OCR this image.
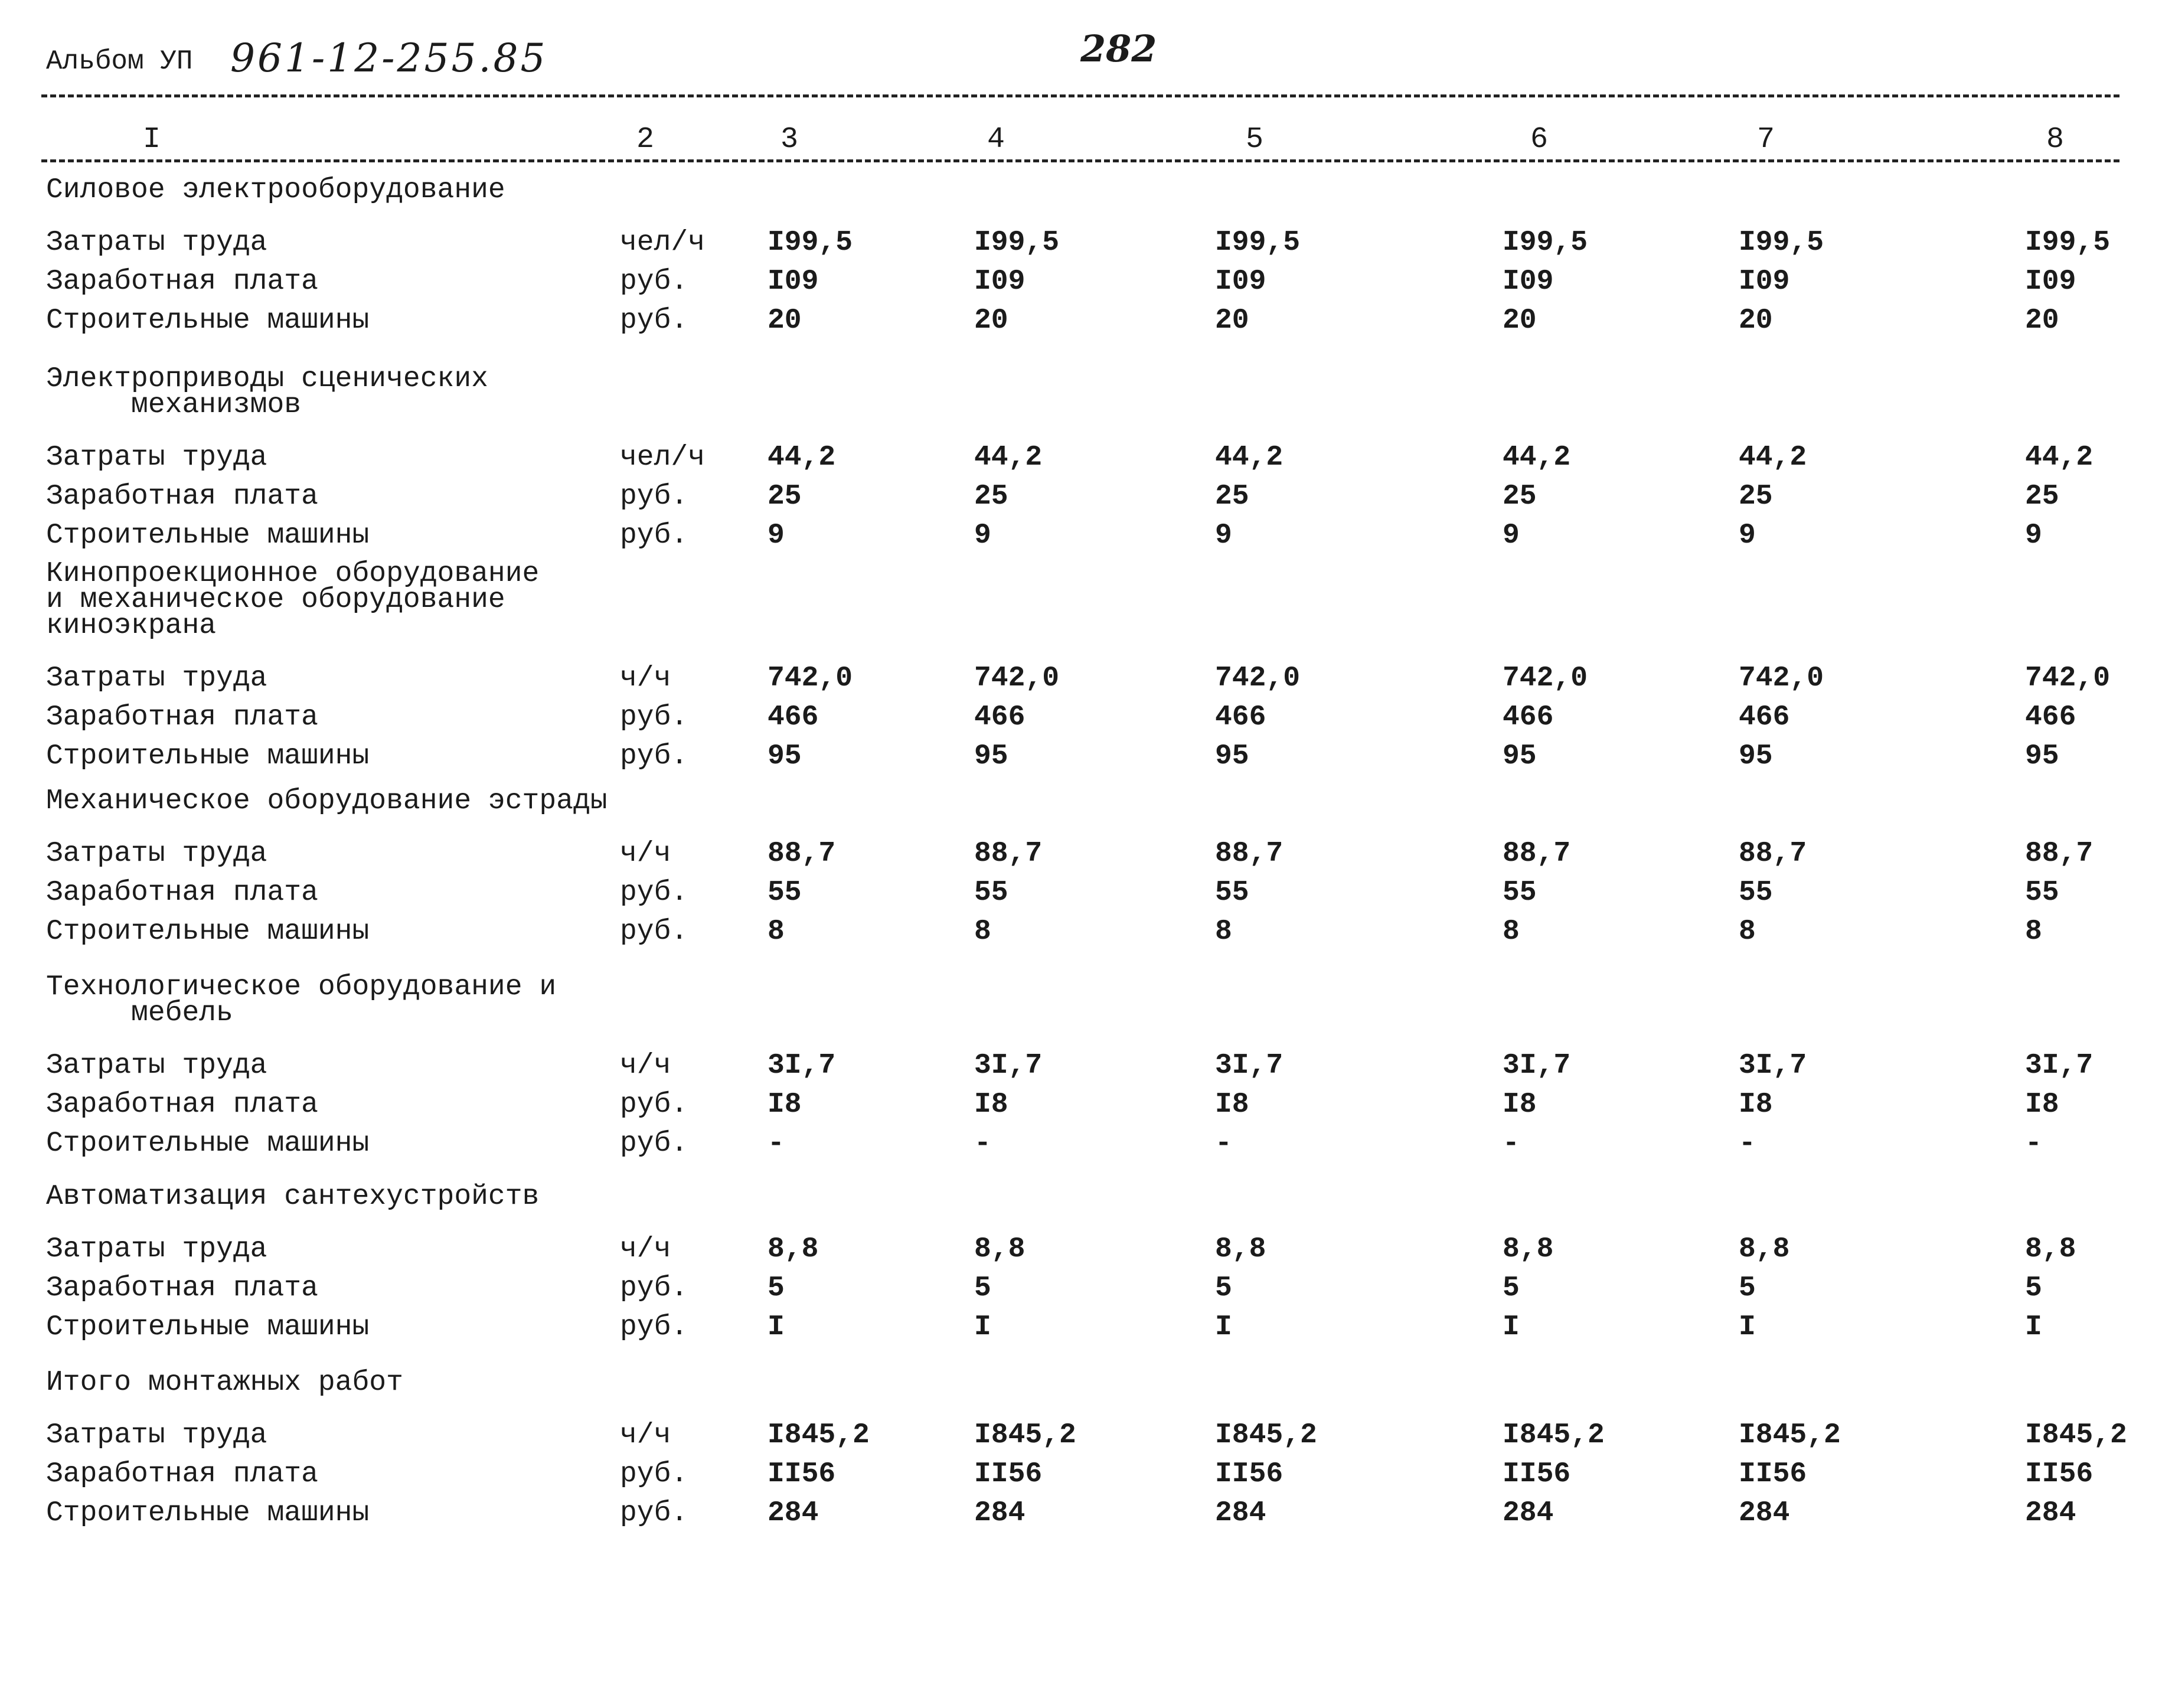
Альбом УП 961-12-255.85	282
I	2	3	4	5	6	7	8
Силовое электрооборудование
Затраты труда	чел/ч I99,5	I99,5	I99,5	I99,5	I99,5	I99,5
Заработная плата	руб.	I09	I09	I09	I09	I09	I09
Строительные машины	руб.	20	20	20	20	20	20
Электроприводы сценических
механизмов
Затраты труда	чел/ч 44,2	44,2	44,2	44,2	44,2	44,2
Заработная плата	руб.	25	25	25	25	25	25
Строительные машины	руб.	9	9	9	9	9	9
Кинопроекционное оборудование
и механическое оборудование
киноэкрана
Затраты труда	ч/ч	742,0	742,0	742,0	742,0	742,0	742,0
Заработная плата	руб.	466	466	466	466	466	466
Строительные машины	руб.	95	95	95	95	95	95
Механическое оборудование эстрады
Затраты труда	ч/ч	88,7	88,7	88,7	88,7	88,7	88,7
Заработная плата	руб.	55	55	55	55	55	55
Строительные машины	руб.	8	8	8	8	8	8
Технологическое оборудование и
мебель
Затраты труда	ч/ч	3I,7	3I,7	3I,7	3I,7	3I,7	3I,7
Заработная плата	руб.	I8	I8	I8	I8	I8	I8
Строительные машины	руб.	-	-	-	-	-	-
Автоматизация сантехустройств
Затраты труда	ч/ч	8,8	8,8	8,8	8,8	8,8	8,8
Заработная плата	руб.	5	5	5	5	5	5
Строительные машины	руб.	I	I	I	I	I	I
Итого монтажных работ
Затраты труда	ч/ч	I845,2	I845,2	I845,2	I845,2	I845,2	I845,2
Заработная плата	руб.	II56	II56	II56	II56	II56	II56
Строительные машины	руб.	284	284	284	284	284	284
